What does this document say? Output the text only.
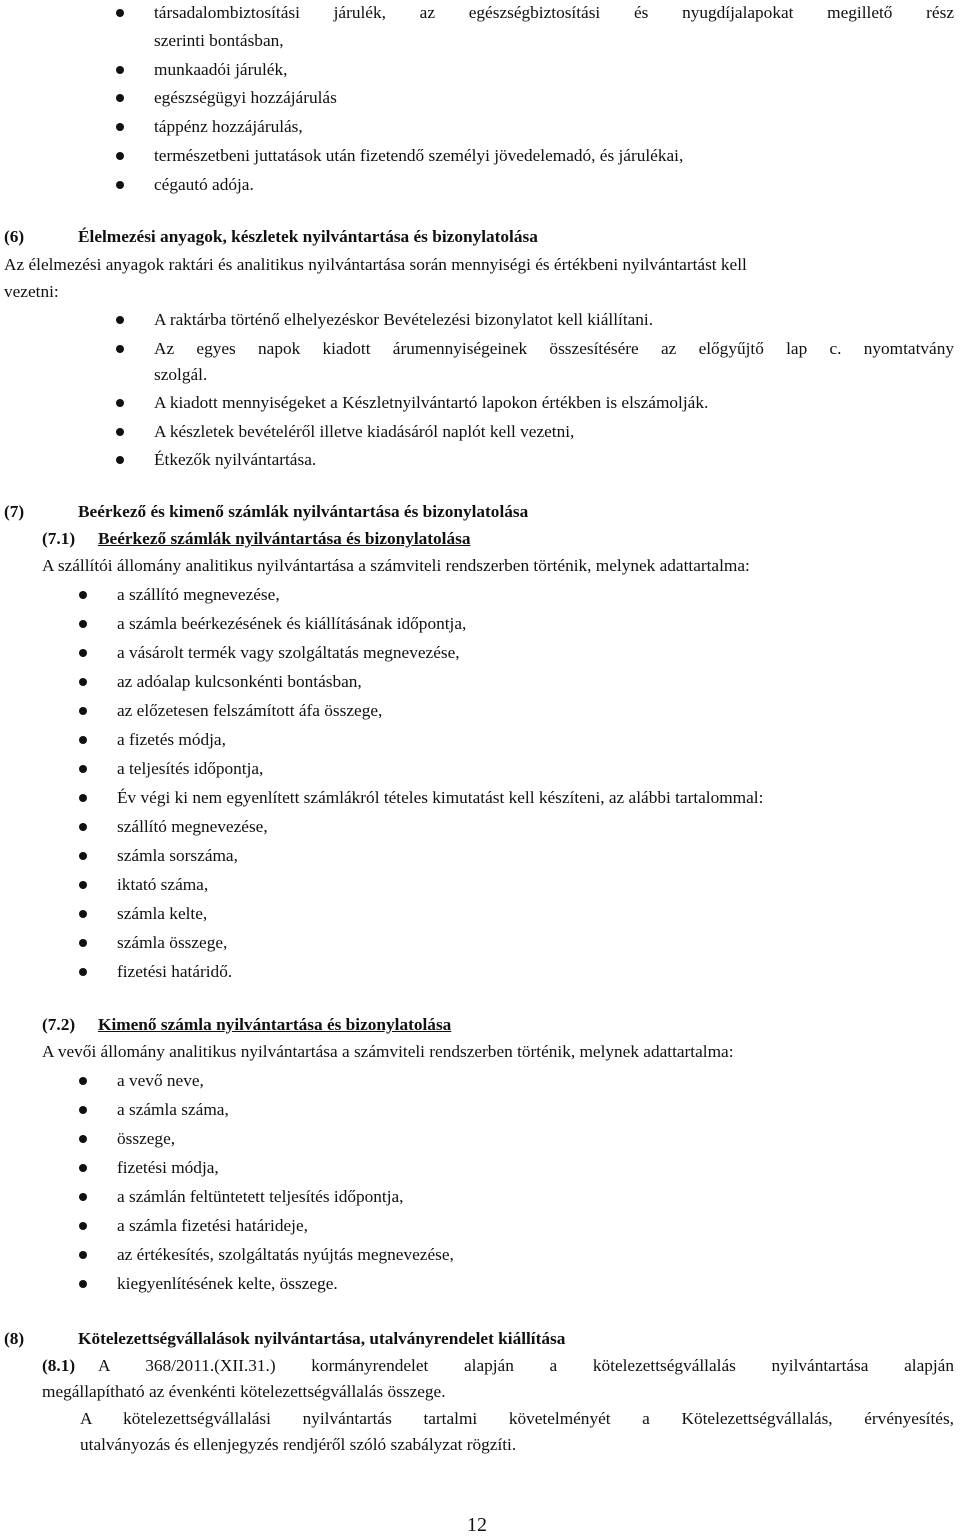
társadalombiztosítási járulék, az egészségbiztosítási és nyugdíjalapokat megillető rész
szerinti bontásban,
munkaadói járulék,
egészségügyi hozzájárulás
táppénz hozzájárulás,
természetbeni juttatások után fizetendő személyi jövedelemadó, és járulékai,
cégautó adója.
(6)	Élelmezési anyagok, készletek nyilvántartása és bizonylatolása
Az élelmezési anyagok raktári és analitikus nyilvántartása során mennyiségi és értékbeni nyilvántartást kell
vezetni:
A raktárba történő elhelyezéskor Bevételezési bizonylatot kell kiállítani.
Az egyes napok kiadott árumennyiségeinek összesítésére az előgyűjtő lap c. nyomtatvány
szolgál.
A kiadott mennyiségeket a Készletnyilvántartó lapokon értékben is elszámolják.
A készletek bevételéről illetve kiadásáról naplót kell vezetni,
Étkezők nyilvántartása.
(7)	Beérkező és kimenő számlák nyilvántartása és bizonylatolása
(7.1) Beérkező számlák nyilvántartása és bizonylatolása
A szállítói állomány analitikus nyilvántartása a számviteli rendszerben történik, melynek adattartalma:
a szállító megnevezése,
a számla beérkezésének és kiállításának időpontja,
a vásárolt termék vagy szolgáltatás megnevezése,
az adóalap kulcsonkénti bontásban,
az előzetesen felszámított áfa összege,
a fizetés módja,
a teljesítés időpontja,
Év végi ki nem egyenlített számlákról tételes kimutatást kell készíteni, az alábbi tartalommal:
szállító megnevezése,
számla sorszáma,
iktató száma,
számla kelte,
számla összege,
fizetési határidő.
(7.2) Kimenő számla nyilvántartása és bizonylatolása
A vevői állomány analitikus nyilvántartása a számviteli rendszerben történik, melynek adattartalma:
a vevő neve,
a számla száma,
összege,
fizetési módja,
a számlán feltüntetett teljesítés időpontja,
a számla fizetési határideje,
az értékesítés, szolgáltatás nyújtás megnevezése,
kiegyenlítésének kelte, összege.
(8)	Kötelezettségvállalások nyilvántartása, utalványrendelet kiállítása
(8.1) A 368/2011.(XII.31.) kormányrendelet alapján a kötelezettségvállalás nyilvántartása alapján
megállapítható az évenkénti kötelezettségvállalás összege.
A kötelezettségvállalási nyilvántartás tartalmi követelményét a Kötelezettségvállalás, érvényesítés,
utalványozás és ellenjegyzés rendjéről szóló szabályzat rögzíti.
12
